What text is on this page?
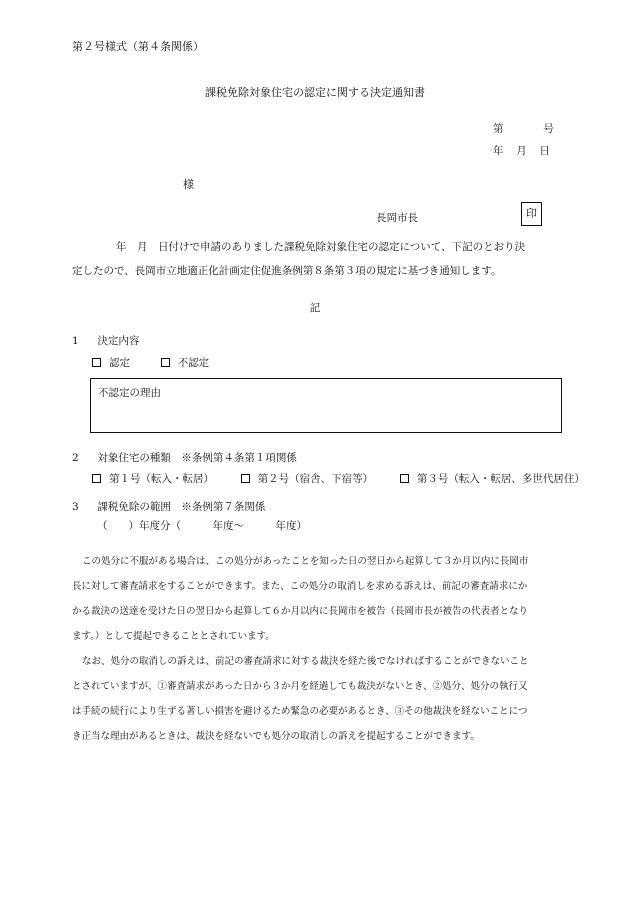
第２号様式（第４条関係）
課税免除対象住宅の認定に関する決定通知書
第	号
年 月 日
様
長岡市長	印
年　月　日付けで申請のありました課税免除対象住宅の認定について、下記のとおり決
定したので、長岡市立地適正化計画定住促進条例第８条第３項の規定に基づき通知します。
記
1 決定内容
認定	不認定
不認定の理由
2 対象住宅の種類　※条例第４条第１項関係
第１号（転入・転居）	第２号（宿舎、下宿等）	第３号（転入・転居、多世代居住）
3 課税免除の範囲　※条例第７条関係
（　　）年度分（　　　年度～　　　年度）
この処分に不服がある場合は、この処分があったことを知った日の翌日から起算して３か月以内に長岡市
長に対して審査請求をすることができます。また、この処分の取消しを求める訴えは、前記の審査請求にか
かる裁決の送達を受けた日の翌日から起算して６か月以内に長岡市を被告（長岡市長が被告の代表者となり
ます。）として提起できることとされています。
なお、処分の取消しの訴えは、前記の審査請求に対する裁決を経た後でなければすることができないこと
とされていますが、①審査請求があった日から３か月を経過しても裁決がないとき、②処分、処分の執行又
は手続の続行により生ずる著しい損害を避けるため緊急の必要があるとき、③その他裁決を経ないことにつ
き正当な理由があるときは、裁決を経ないでも処分の取消しの訴えを提起することができます。
